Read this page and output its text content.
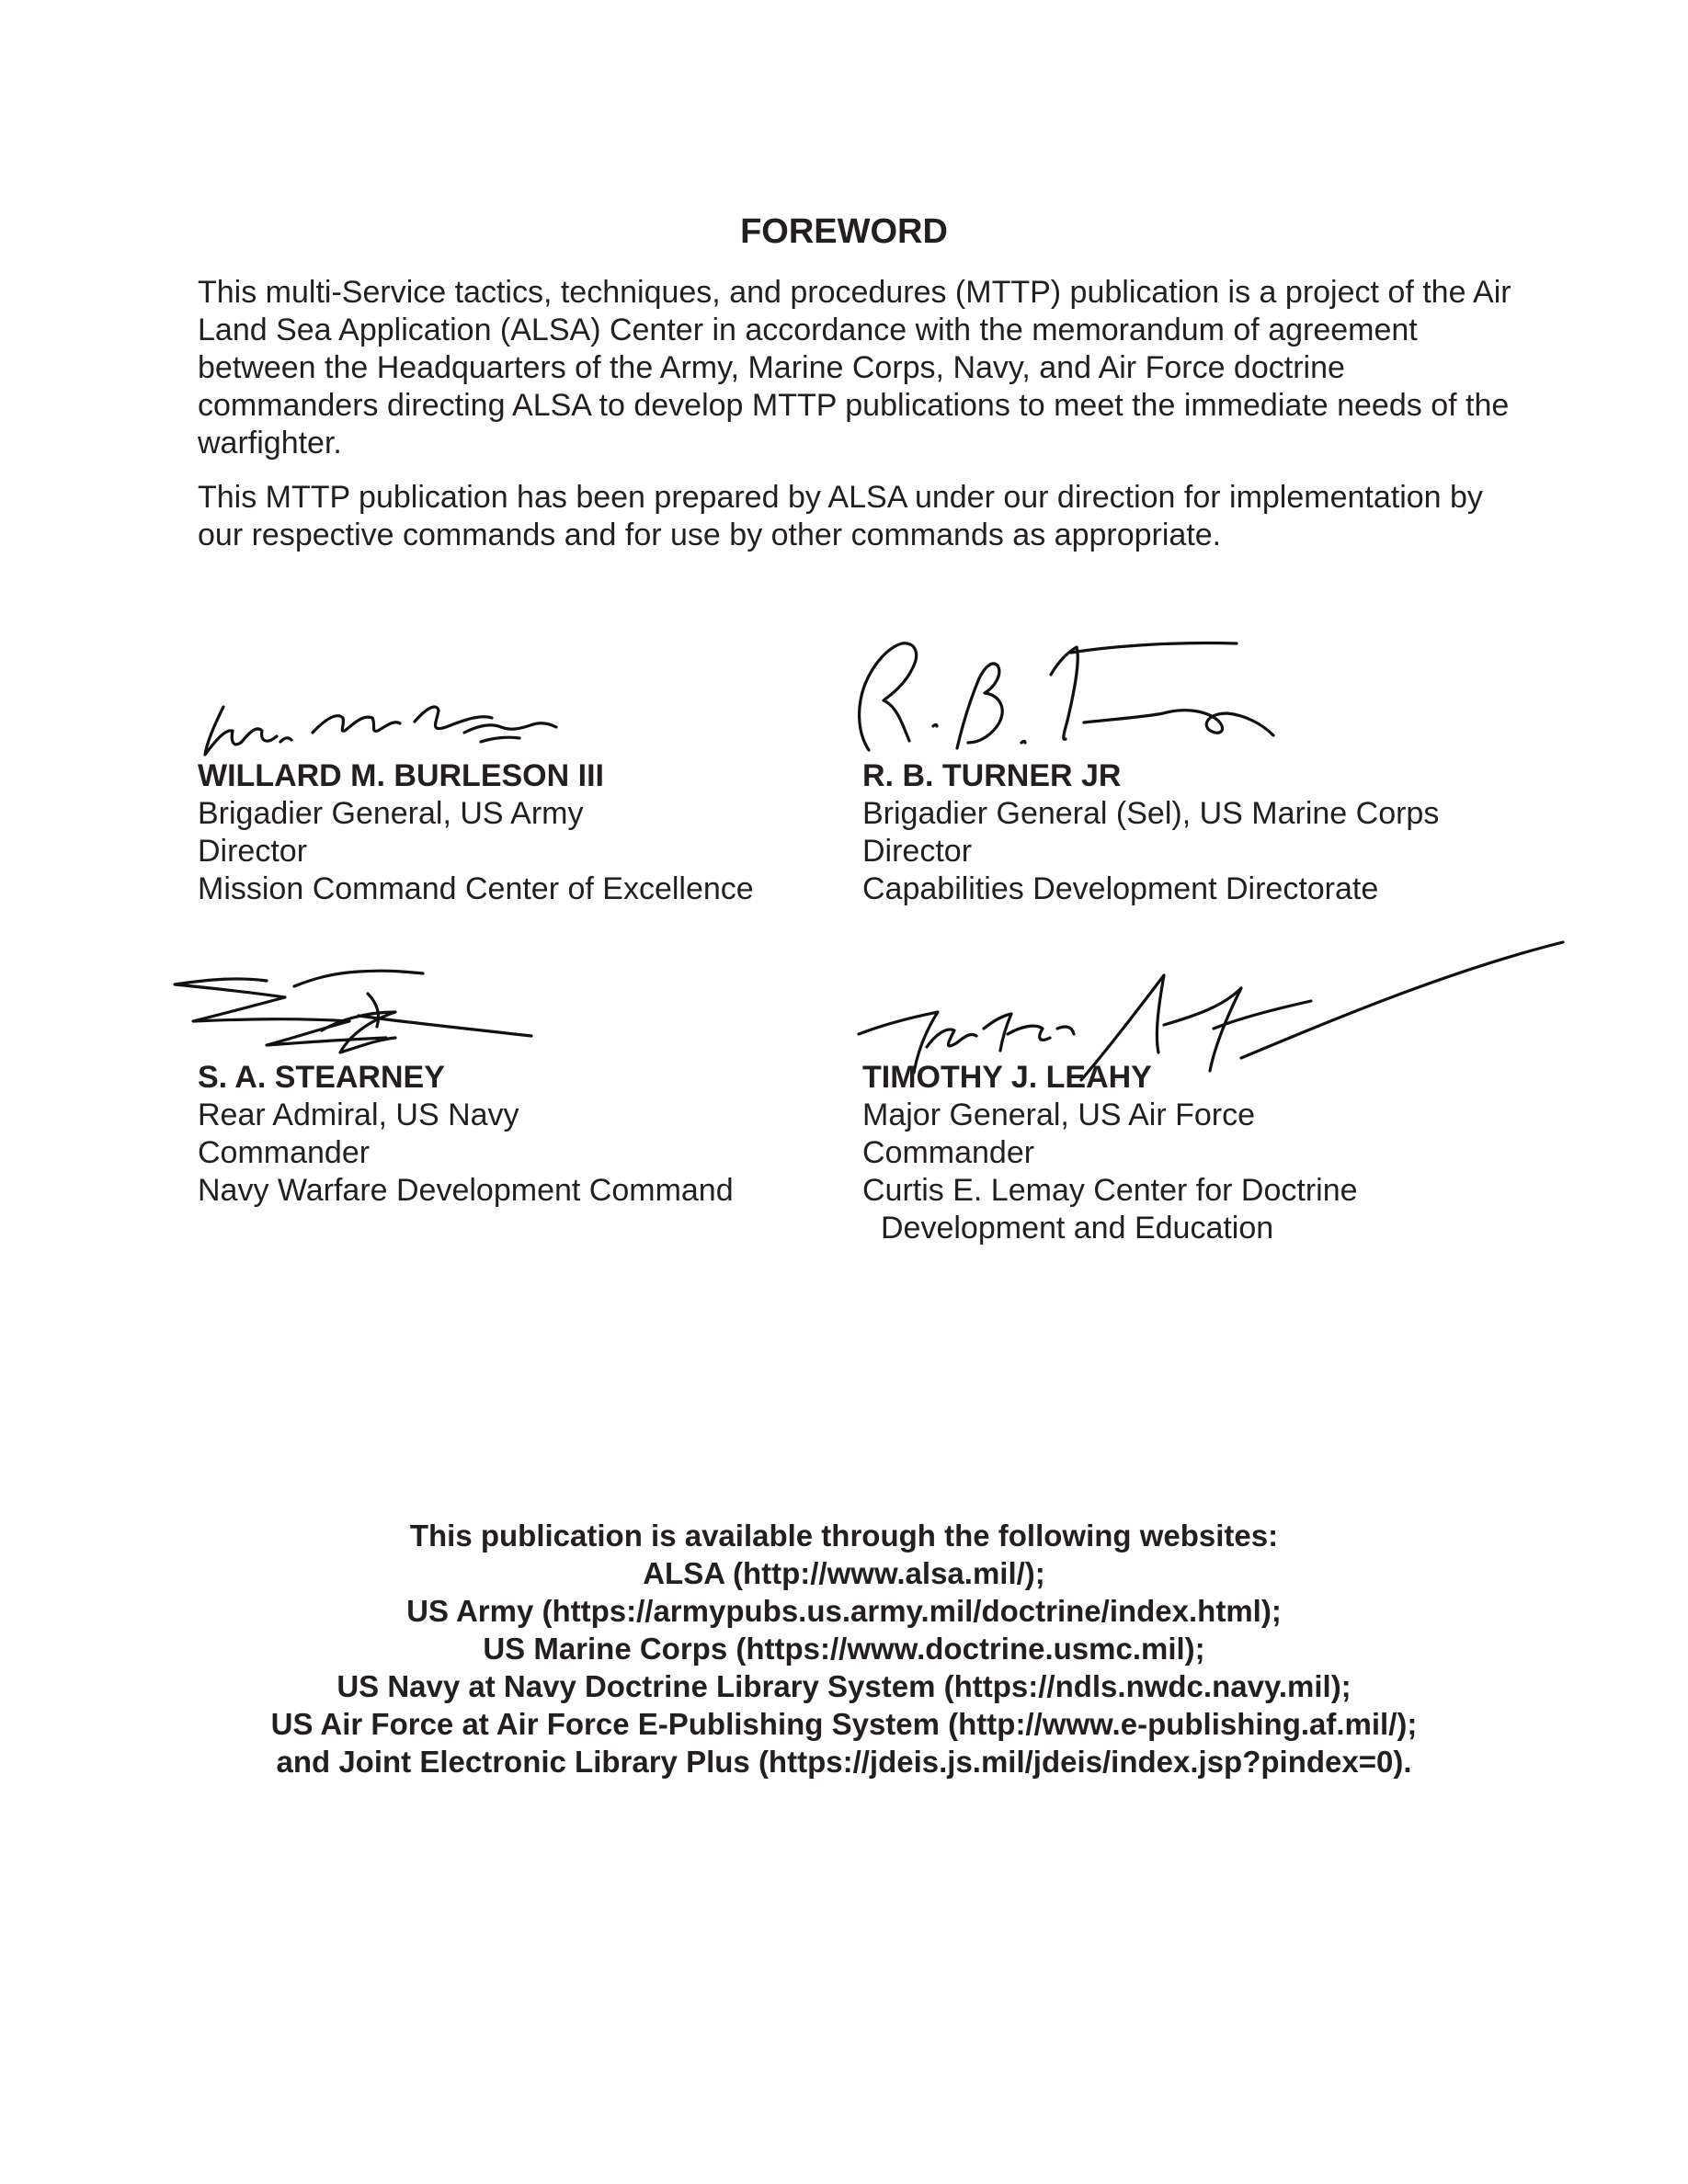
FOREWORD

This multi-Service tactics, techniques, and procedures (MTTP) publication is a project of the Air Land Sea Application (ALSA) Center in accordance with the memorandum of agreement between the Headquarters of the Army, Marine Corps, Navy, and Air Force doctrine commanders directing ALSA to develop MTTP publications to meet the immediate needs of the warfighter.

This MTTP publication has been prepared by ALSA under our direction for implementation by our respective commands and for use by other commands as appropriate.

WILLARD M. BURLESON III
Brigadier General, US Army
Director
Mission Command Center of Excellence
R. B. TURNER JR
Brigadier General (Sel), US Marine Corps
Director
Capabilities Development Directorate
S. A. STEARNEY
Rear Admiral, US Navy
Commander
Navy Warfare Development Command
TIMOTHY J. LEAHY
Major General, US Air Force
Commander
Curtis E. Lemay Center for Doctrine
Development and Education
This publication is available through the following websites:
ALSA (http://www.alsa.mil/);
US Army (https://armypubs.us.army.mil/doctrine/index.html);
US Marine Corps (https://www.doctrine.usmc.mil);
US Navy at Navy Doctrine Library System (https://ndls.nwdc.navy.mil);
US Air Force at Air Force E-Publishing System (http://www.e-publishing.af.mil/);
and Joint Electronic Library Plus (https://jdeis.js.mil/jdeis/index.jsp?pindex=0).
